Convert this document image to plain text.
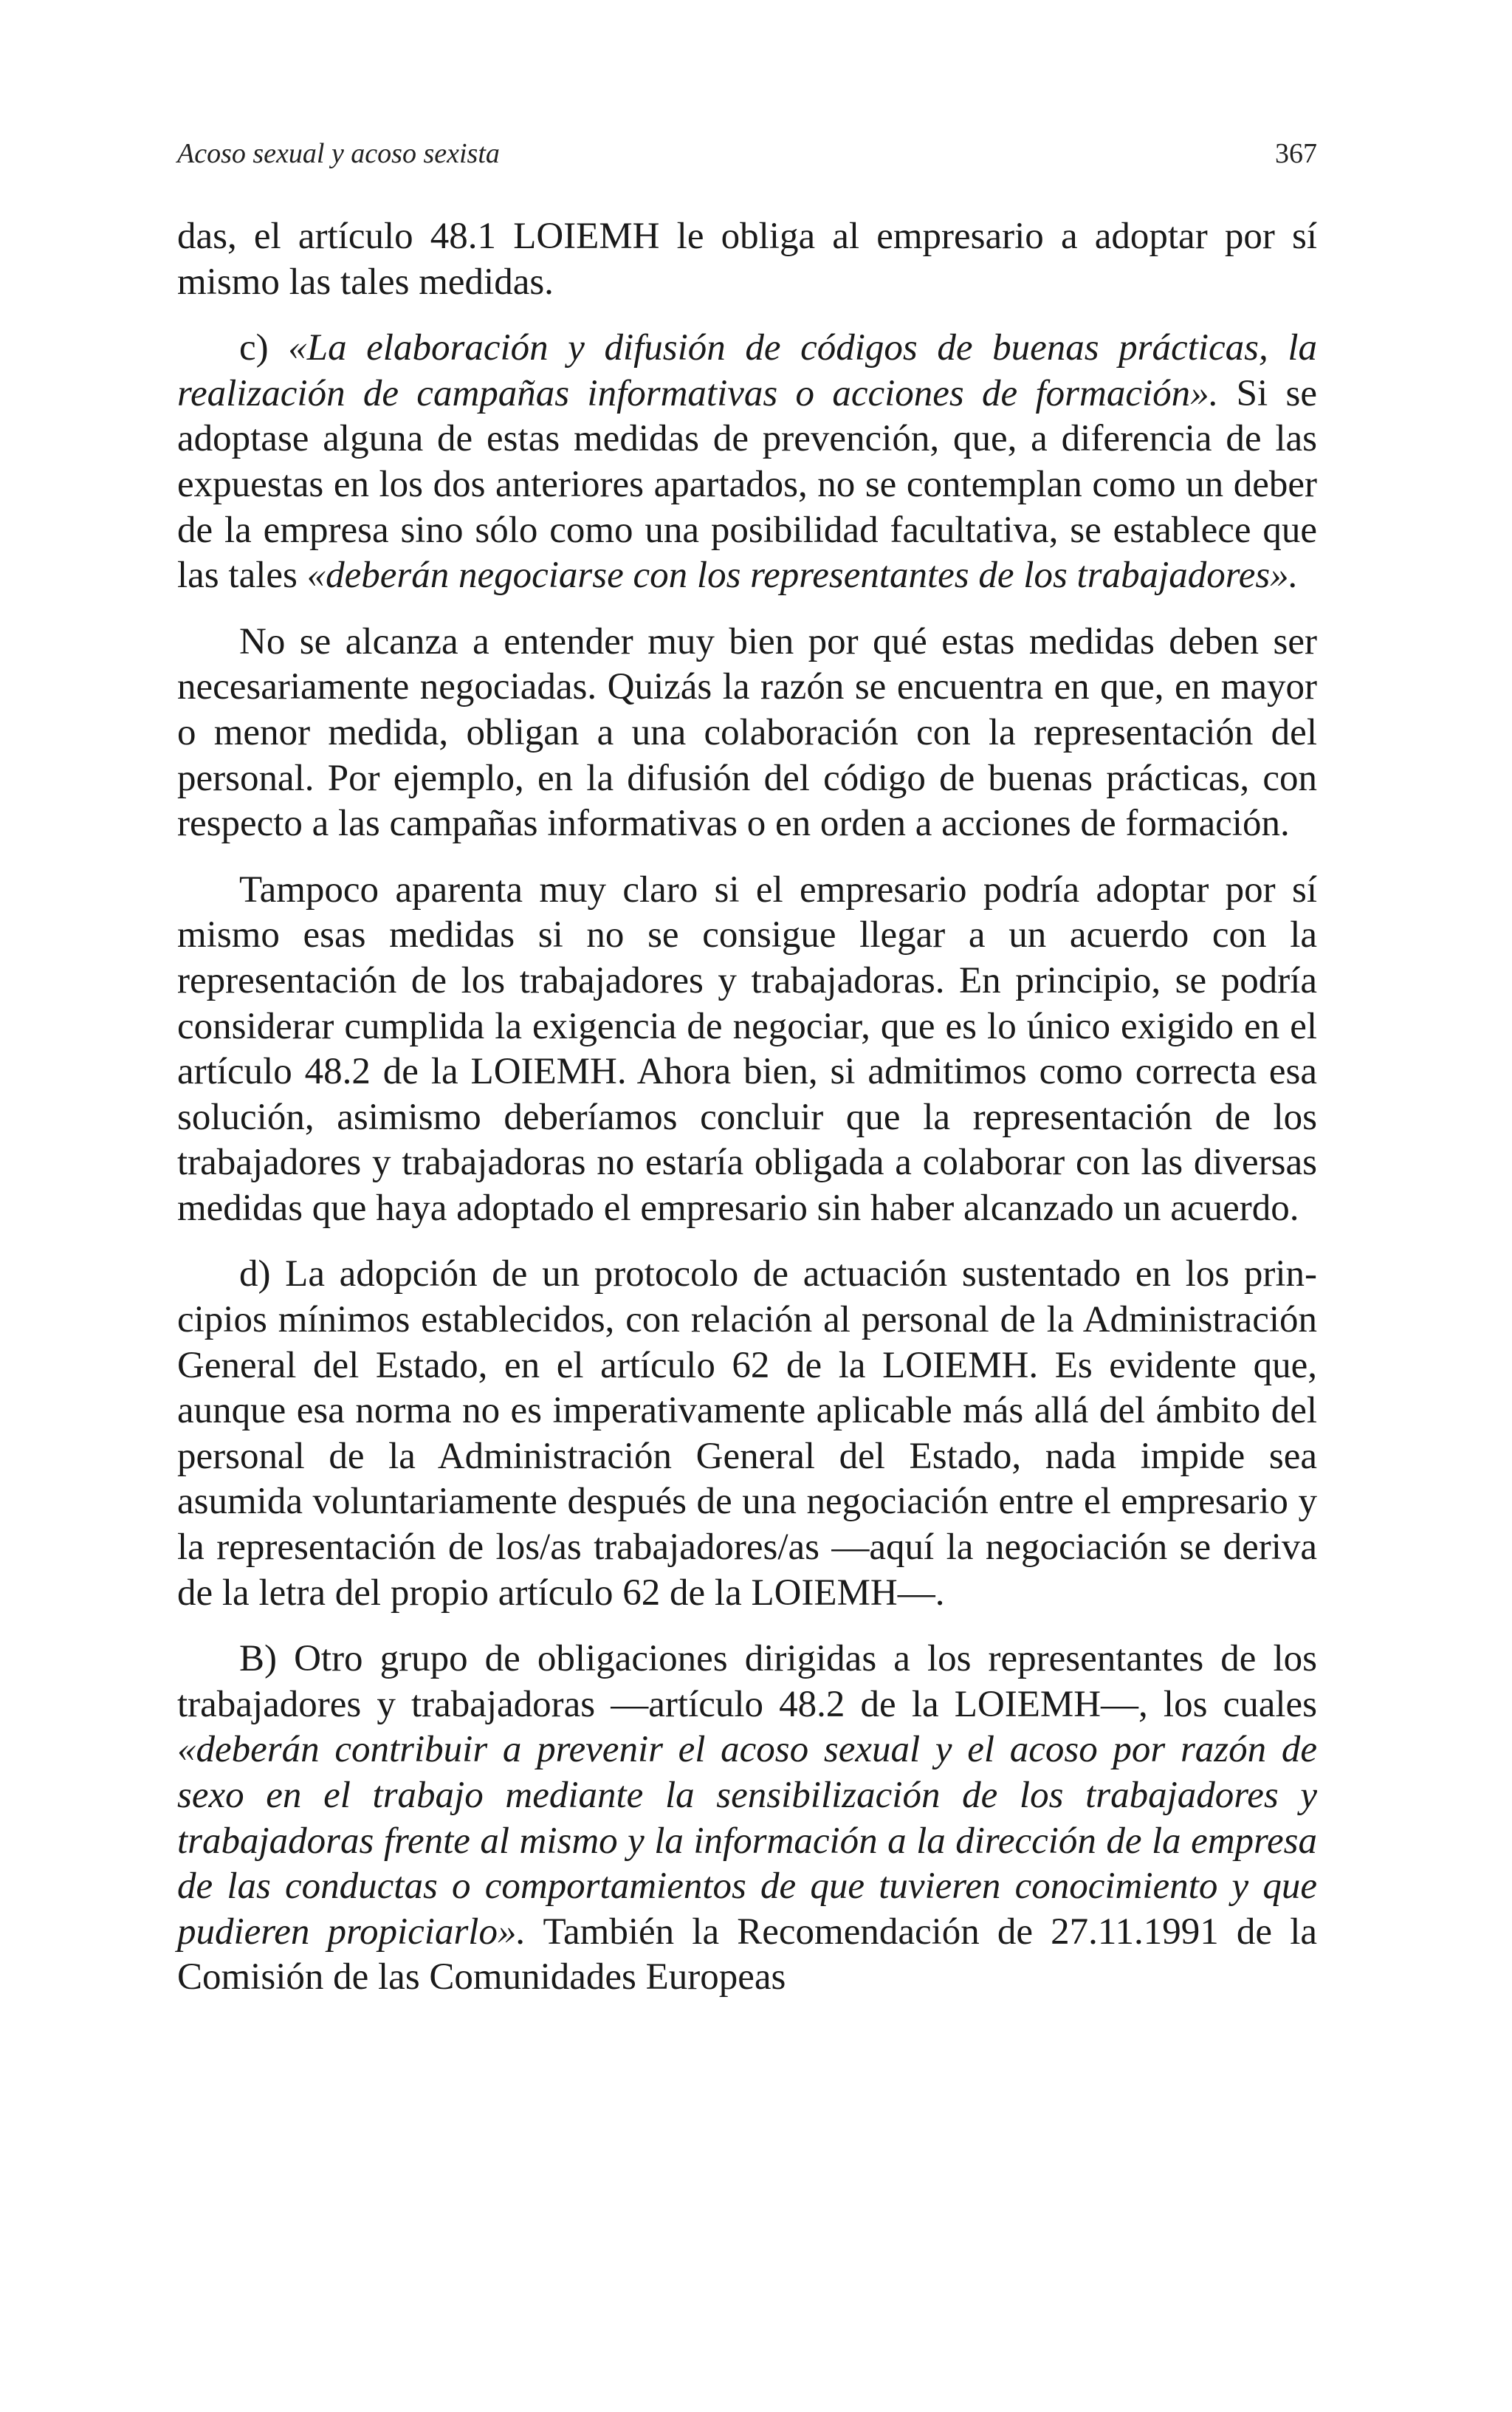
Acoso sexual y acoso sexista	367

das, el artículo 48.1 LOIEMH le obliga al empresario a adoptar por sí mismo las tales medidas.

c) «La elaboración y difusión de códigos de buenas prácticas, la realización de campañas informativas o acciones de formación». Si se adoptase alguna de estas medidas de prevención, que, a diferencia de las expuestas en los dos anteriores apartados, no se contemplan como un deber de la empresa sino sólo como una posibilidad facultativa, se establece que las tales «deberán negociarse con los representantes de los trabajadores».

No se alcanza a entender muy bien por qué estas medidas deben ser necesariamente negociadas. Quizás la razón se encuentra en que, en mayor o menor medida, obligan a una colaboración con la representación del personal. Por ejemplo, en la difusión del código de buenas prácticas, con respecto a las campañas informativas o en orden a acciones de formación.

Tampoco aparenta muy claro si el empresario podría adoptar por sí mismo esas medidas si no se consigue llegar a un acuerdo con la representación de los trabajadores y trabajadoras. En principio, se podría considerar cumplida la exigencia de negociar, que es lo único exigido en el artículo 48.2 de la LOIEMH. Ahora bien, si admitimos como correcta esa solución, asimismo deberíamos concluir que la representación de los trabajadores y trabajadoras no estaría obligada a colaborar con las diversas medidas que haya adoptado el empresario sin haber alcanzado un acuerdo.

d) La adopción de un protocolo de actuación sustentado en los principios mínimos establecidos, con relación al personal de la Administración General del Estado, en el artículo 62 de la LOIEMH. Es evidente que, aunque esa norma no es imperativamente aplicable más allá del ámbito del personal de la Administración General del Estado, nada impide sea asumida voluntariamente después de una negociación entre el empresario y la representación de los/as trabajadores/as —aquí la negociación se deriva de la letra del propio artículo 62 de la LOIEMH—.

B) Otro grupo de obligaciones dirigidas a los representantes de los trabajadores y trabajadoras —artículo 48.2 de la LOIEMH—, los cuales «deberán contribuir a prevenir el acoso sexual y el acoso por razón de sexo en el trabajo mediante la sensibilización de los trabajadores y trabajadoras frente al mismo y la información a la dirección de la empresa de las conductas o comportamientos de que tuvieren conocimiento y que pudieren propiciarlo». También la Recomendación de 27.11.1991 de la Comisión de las Comunidades Europeas
